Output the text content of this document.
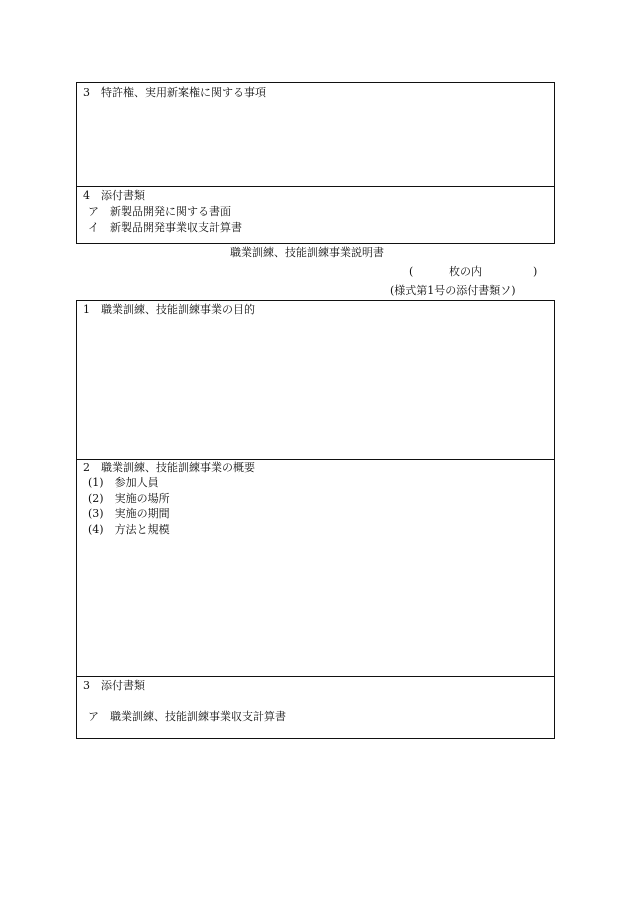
3　特許権、実用新案権に関する事項
4　添付書類
ア　新製品開発に関する書面
イ　新製品開発事業収支計算書
職業訓練、技能訓練事業説明書
(	枚の内	)
(様式第1号の添付書類ソ)
1　職業訓練、技能訓練事業の目的
2　職業訓練、技能訓練事業の概要
(1)　参加人員
(2)　実施の場所
(3)　実施の期間
(4)　方法と規模
3　添付書類
ア　職業訓練、技能訓練事業収支計算書
